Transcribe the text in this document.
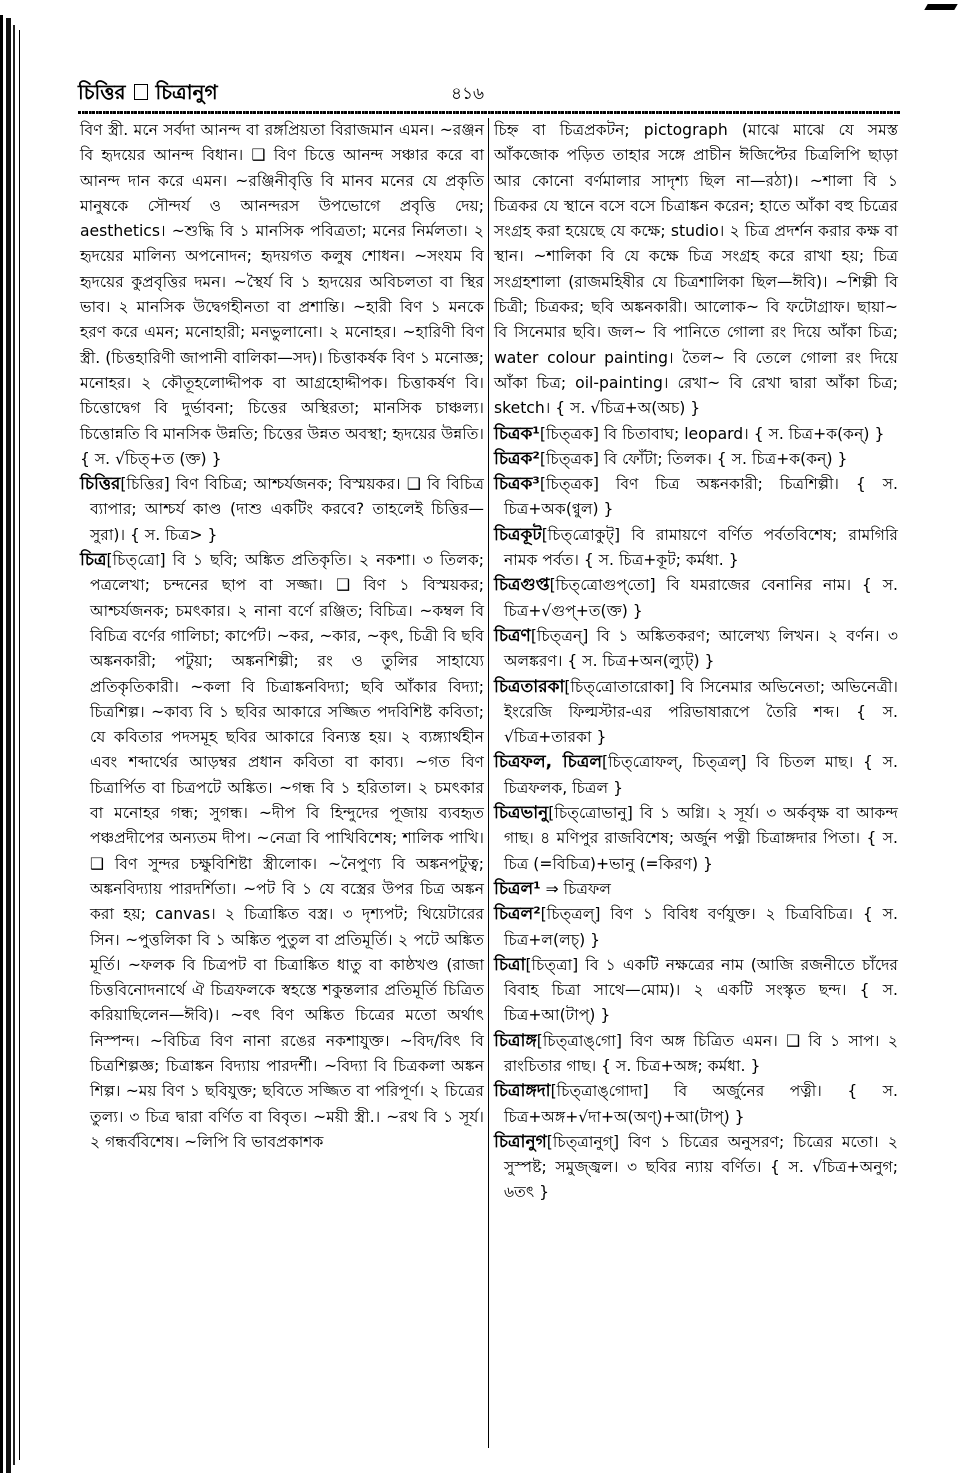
চিত্তির চিত্রানুগ	৪১৬

বিণ স্ত্রী. মনে সর্বদা আনন্দ বা রঙ্গপ্রিয়তা বিরাজমান এমন। ~রঞ্জন বি হৃদয়ের আনন্দ বিধান। ❑ বিণ চিত্তে আনন্দ সঞ্চার করে বা আনন্দ দান করে এমন। ~রঞ্জিনীবৃত্তি বি মানব মনের যে প্রকৃতি মানুষকে সৌন্দর্য ও আনন্দরস উপভোগে প্রবৃত্তি দেয়; aesthetics। ~শুদ্ধি বি ১ মানসিক পবিত্রতা; মনের নির্মলতা। ২ হৃদয়ের মালিন্য অপনোদন; হৃদয়গত কলুষ শোধন। ~সংযম বি হৃদয়ের কুপ্রবৃত্তির দমন। ~স্থৈর্য বি ১ হৃদয়ের অবিচলতা বা স্থির ভাব। ২ মানসিক উদ্বেগহীনতা বা প্রশান্তি। ~হারী বিণ ১ মনকে হরণ করে এমন; মনোহারী; মনভুলানো। ২ মনোহর। ~হারিণী বিণ স্ত্রী. (চিত্তহারিণী জাপানী বালিকা—সদ)। চিত্তাকর্ষক বিণ ১ মনোজ্ঞ; মনোহর। ২ কৌতূহলোদ্দীপক বা আগ্রহোদ্দীপক। চিত্তাকর্ষণ বি। চিত্তোদ্বেগ বি দুর্ভাবনা; চিত্তের অস্থিরতা; মানসিক চাঞ্চল্য। চিত্তোন্নতি বি মানসিক উন্নতি; চিত্তের উন্নত অবস্থা; হৃদয়ের উন্নতি। { স. √চিত্+ত (ক্ত) }

চিত্তির[চিত্তির] বিণ বিচিত্র; আশ্চর্যজনক; বিস্ময়কর। ❑ বি বিচিত্র ব্যাপার; আশ্চর্য কাণ্ড (দাশু একটিং করবে? তাহলেই চিত্তির—সুরা)। { স. চিত্র> }

চিত্র[চিত্‌ত্রো] বি ১ ছবি; অঙ্কিত প্রতিকৃতি। ২ নকশা। ৩ তিলক; পত্রলেখা; চন্দনের ছাপ বা সজ্জা। ❑ বিণ ১ বিস্ময়কর; আশ্চর্যজনক; চমৎকার। ২ নানা বর্ণে রঞ্জিত; বিচিত্র। ~কম্বল বি বিচিত্র বর্ণের গালিচা; কার্পেট। ~কর, ~কার, ~কৃৎ, চিত্রী বি ছবি অঙ্কনকারী; পটুয়া; অঙ্কনশিল্পী; রং ও তুলির সাহায্যে প্রতিকৃতিকারী। ~কলা বি চিত্রাঙ্কনবিদ্যা; ছবি আঁকার বিদ্যা; চিত্রশিল্প। ~কাব্য বি ১ ছবির আকারে সজ্জিত পদবিশিষ্ট কবিতা; যে কবিতার পদসমূহ ছবির আকারে বিন্যস্ত হয়। ২ ব্যঙ্গ্যার্থহীন এবং শব্দার্থের আড়ম্বর প্রধান কবিতা বা কাব্য। ~গত বিণ চিত্রার্পিত বা চিত্রপটে অঙ্কিত। ~গন্ধ বি ১ হরিতাল। ২ চমৎকার বা মনোহর গন্ধ; সুগন্ধ। ~দীপ বি হিন্দুদের পূজায় ব্যবহৃত পঞ্চপ্রদীপের অন্যতম দীপ। ~নেত্রা বি পাখিবিশেষ; শালিক পাখি। ❑ বিণ সুন্দর চক্ষুবিশিষ্টা স্ত্রীলোক। ~নৈপুণ্য বি অঙ্কনপটুত্ব; অঙ্কনবিদ্যায় পারদর্শিতা। ~পট বি ১ যে বস্ত্রের উপর চিত্র অঙ্কন করা হয়; canvas। ২ চিত্রাঙ্কিত বস্ত্র। ৩ দৃশ্যপট; থিয়েটারের সিন। ~পুত্তলিকা বি ১ অঙ্কিত পুতুল বা প্রতিমূর্তি। ২ পটে অঙ্কিত মূর্তি। ~ফলক বি চিত্রপট বা চিত্রাঙ্কিত ধাতু বা কাষ্ঠখণ্ড (রাজা চিত্তবিনোদনার্থে ঐ চিত্রফলকে স্বহস্তে শকুন্তলার প্রতিমূর্তি চিত্রিত করিয়াছিলেন—ঈবি)। ~বৎ বিণ অঙ্কিত চিত্রের মতো অর্থাৎ নিস্পন্দ। ~বিচিত্র বিণ নানা রঙের নকশাযুক্ত। ~বিদ/বিৎ বি চিত্রশিল্পজ্ঞ; চিত্রাঙ্কন বিদ্যায় পারদর্শী। ~বিদ্যা বি চিত্রকলা অঙ্কন শিল্প। ~ময় বিণ ১ ছবিযুক্ত; ছবিতে সজ্জিত বা পরিপূর্ণ। ২ চিত্রের তুল্য। ৩ চিত্র দ্বারা বর্ণিত বা বিবৃত। ~ময়ী স্ত্রী.। ~রথ বি ১ সূর্য। ২ গন্ধর্ববিশেষ। ~লিপি বি ভাবপ্রকাশক

চিহ্ন বা চিত্রপ্রকটন; pictograph (মাঝে মাঝে যে সমস্ত আঁকজোক পড়িত তাহার সঙ্গে প্রাচীন ঈজিপ্টের চিত্রলিপি ছাড়া আর কোনো বর্ণমালার সাদৃশ্য ছিল না—রঠা)। ~শালা বি ১ চিত্রকর যে স্থানে বসে বসে চিত্রাঙ্কন করেন; হাতে আঁকা বহু চিত্রের সংগ্রহ করা হয়েছে যে কক্ষে; studio। ২ চিত্র প্রদর্শন করার কক্ষ বা স্থান। ~শালিকা বি যে কক্ষে চিত্র সংগ্রহ করে রাখা হয়; চিত্র সংগ্রহশালা (রাজমহিষীর যে চিত্রশালিকা ছিল—ঈবি)। ~শিল্পী বি চিত্রী; চিত্রকর; ছবি অঙ্কনকারী। আলোক~ বি ফটোগ্রাফ। ছায়া~ বি সিনেমার ছবি। জল~ বি পানিতে গোলা রং দিয়ে আঁকা চিত্র; water colour painting। তৈল~ বি তেলে গোলা রং দিয়ে আঁকা চিত্র; oil-painting। রেখা~ বি রেখা দ্বারা আঁকা চিত্র; sketch। { স. √চিত্র+অ(অচ) }

চিত্রক¹[চিত্‌ত্রক] বি চিতাবাঘ; leopard। { স. চিত্র+ক(কন্) }

চিত্রক²[চিত্‌ত্রক] বি ফোঁটা; তিলক। { স. চিত্র+ক(কন্) }

চিত্রক³[চিত্‌ত্রক] বিণ চিত্র অঙ্কনকারী; চিত্রশিল্পী। { স. চিত্র+অক(ণ্বুল) }

চিত্রকূট[চিত্‌ত্রোকুট্] বি রামায়ণে বর্ণিত পর্বতবিশেষ; রামগিরি নামক পর্বত। { স. চিত্র+কূট; কর্মধা. }

চিত্রগুপ্ত[চিত্‌ত্রোগুপ্‌তো] বি যমরাজের বেনানির নাম। { স. চিত্র+√গুপ্+ত(ক্ত) }

চিত্রণ[চিত্‌ত্রন্] বি ১ অঙ্কিতকরণ; আলেখ্য লিখন। ২ বর্ণন। ৩ অলঙ্করণ। { স. চিত্র+অন(ল্যুট্) }

চিত্রতারকা[চিত্‌ত্রোতারোকা] বি সিনেমার অভিনেতা; অভিনেত্রী। ইংরেজি ফিল্মস্টার-এর পরিভাষারূপে তৈরি শব্দ। { স. √চিত্র+তারকা }

চিত্রফল, চিত্রল[চিত্‌ত্রোফল্, চিত্‌ত্রল্] বি চিতল মাছ। { স. চিত্রফলক, চিত্রল }

চিত্রভানু[চিত্‌ত্রোভানু] বি ১ অগ্নি। ২ সূর্য। ৩ অর্কবৃক্ষ বা আকন্দ গাছ। ৪ মণিপুর রাজবিশেষ; অর্জুন পত্নী চিত্রাঙ্গদার পিতা। { স. চিত্র (=বিচিত্র)+ভানু (=কিরণ) }

চিত্রল¹ ⇒ চিত্রফল

চিত্রল²[চিত্‌ত্রল্] বিণ ১ বিবিধ বর্ণযুক্ত। ২ চিত্রবিচিত্র। { স. চিত্র+ল(লচ্) }

চিত্রা[চিত্‌ত্রা] বি ১ একটি নক্ষত্রের নাম (আজি রজনীতে চাঁদের বিবাহ চিত্রা সাথে—মোম)। ২ একটি সংস্কৃত ছন্দ। { স. চিত্র+আ(টাপ্) }

চিত্রাঙ্গ[চিত্‌ত্রাঙ্‌গো] বিণ অঙ্গ চিত্রিত এমন। ❑ বি ১ সাপ। ২ রাংচিতার গাছ। { স. চিত্র+অঙ্গ; কর্মধা. }

চিত্রাঙ্গদা[চিত্‌ত্রাঙ্‌গোদা] বি অর্জুনের পত্নী। { স. চিত্র+অঙ্গ+√দা+অ(অণ্)+আ(টাপ্) }

চিত্রানুগ[চিত্‌ত্রানুগ্] বিণ ১ চিত্রের অনুসরণ; চিত্রের মতো। ২ সুস্পষ্ট; সমুজ্জ্বল। ৩ ছবির ন্যায় বর্ণিত। { স. √চিত্র+অনুগ; ৬তৎ }
